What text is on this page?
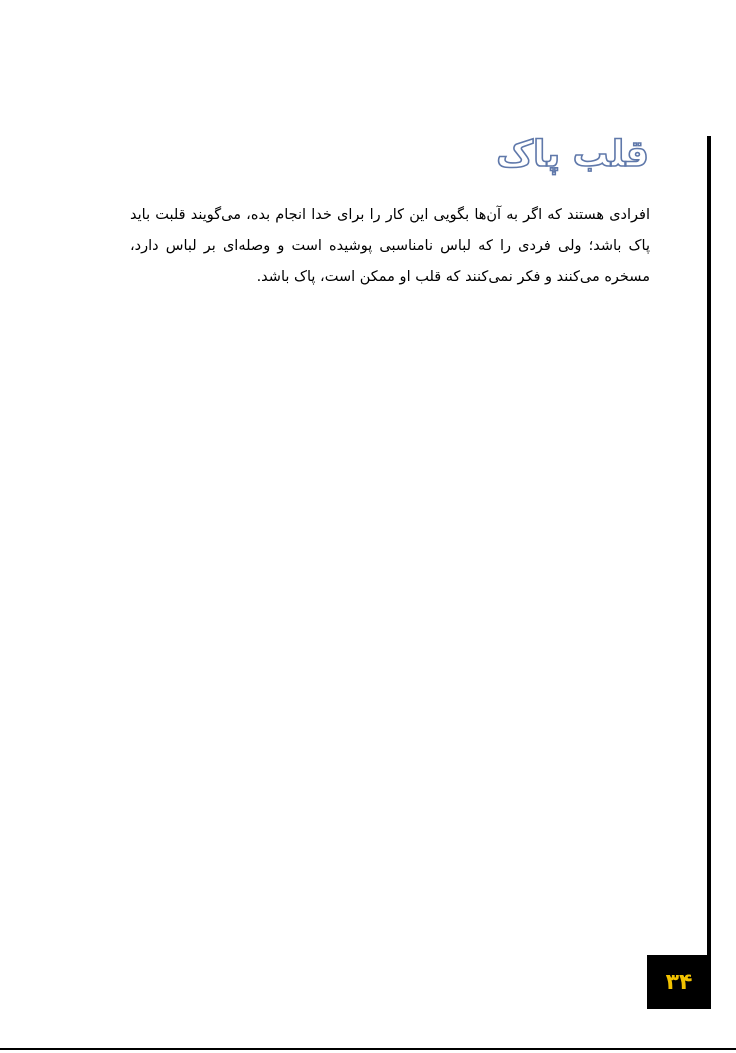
قلب پاک

افرادی هستند که اگر به آن‌ها بگویی این کار را برای خدا انجام بده، می‌گویند قلبت باید پاک باشد؛ ولی فردی را که لباس نامناسبی پوشیده است و وصله‌ای بر لباس دارد، مسخره می‌کنند و فکر نمی‌کنند که قلب او ممکن است، پاک باشد.

۳۴
